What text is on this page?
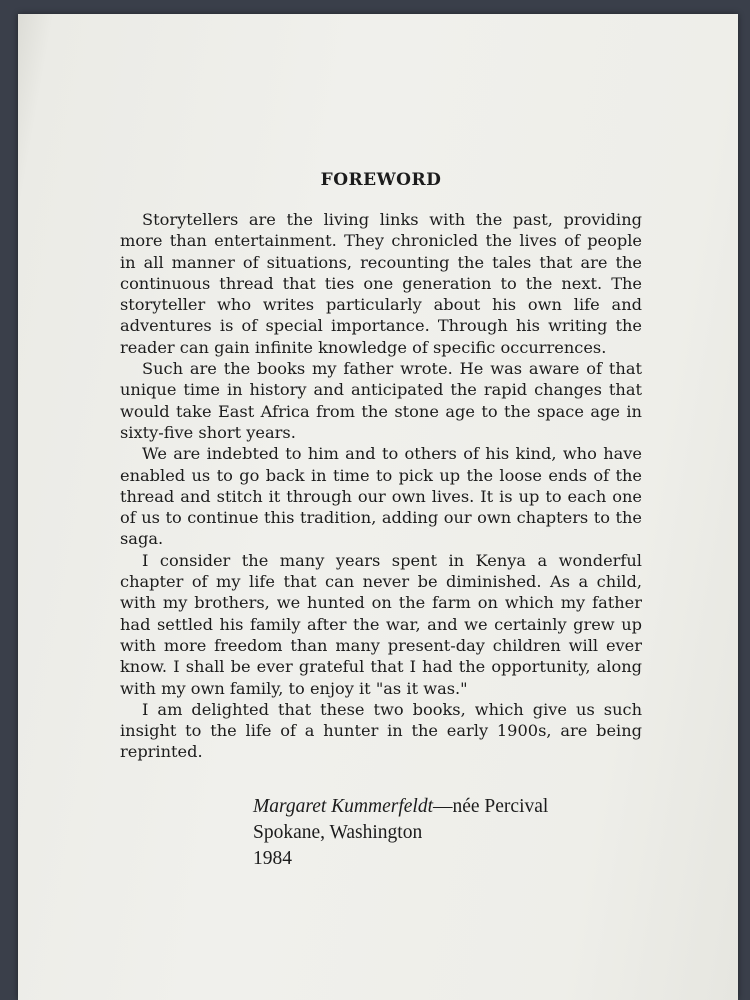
FOREWORD

Storytellers are the living links with the past, providing more than entertainment. They chronicled the lives of people in all manner of situations, recounting the tales that are the continuous thread that ties one generation to the next. The storyteller who writes particularly about his own life and adventures is of special importance. Through his writing the reader can gain infinite knowledge of specific occurrences.

Such are the books my father wrote. He was aware of that unique time in history and anticipated the rapid changes that would take East Africa from the stone age to the space age in sixty-five short years.

We are indebted to him and to others of his kind, who have enabled us to go back in time to pick up the loose ends of the thread and stitch it through our own lives. It is up to each one of us to continue this tradition, adding our own chapters to the saga.

I consider the many years spent in Kenya a wonderful chapter of my life that can never be diminished. As a child, with my brothers, we hunted on the farm on which my father had settled his family after the war, and we certainly grew up with more freedom than many present-day children will ever know. I shall be ever grateful that I had the opportunity, along with my own family, to enjoy it "as it was."

I am delighted that these two books, which give us such insight to the life of a hunter in the early 1900s, are being reprinted.

Margaret Kummerfeldt—née Percival
Spokane, Washington
1984
